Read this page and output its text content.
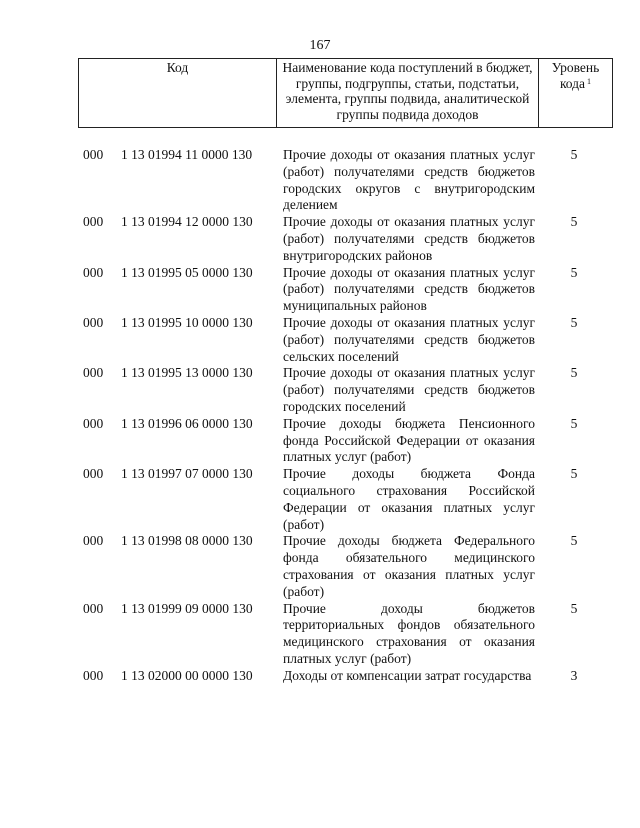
167
Код	Наименование кода поступлений в бюджет, группы, подгруппы, статьи, подстатьи, элемента, группы подвида, аналитической группы подвида доходов
Уровень кода $^1$
000 1 13 01994 11 0000 130 Прочие доходы от оказания платных услуг (работ) получателями средств бюджетов городских округов с внутригородским делением
5
000 1 13 01994 12 0000 130 Прочие доходы от оказания платных услуг (работ) получателями средств бюджетов внутригородских районов
5
000 1 13 01995 05 0000 130 Прочие доходы от оказания платных услуг (работ) получателями средств бюджетов муниципальных районов
5
000 1 13 01995 10 0000 130 Прочие доходы от оказания платных услуг (работ) получателями средств бюджетов сельских поселений
5
000 1 13 01995 13 0000 130 Прочие доходы от оказания платных услуг (работ) получателями средств бюджетов городских поселений
5
000 1 13 01996 06 0000 130 Прочие доходы бюджета Пенсионного фонда Российской Федерации от оказания платных услуг (работ)
5
000 1 13 01997 07 0000 130 Прочие доходы бюджета Фонда социального страхования Российской Федерации от оказания платных услуг (работ)
5
000 1 13 01998 08 0000 130 Прочие доходы бюджета Федерального фонда обязательного медицинского страхования от оказания платных услуг (работ)
5
000 1 13 01999 09 0000 130 Прочие доходы бюджетов территориальных фондов обязательного медицинского страхования от оказания платных услуг (работ)
5
000 1 13 02000 00 0000 130 Доходы от компенсации затрат государства	3
